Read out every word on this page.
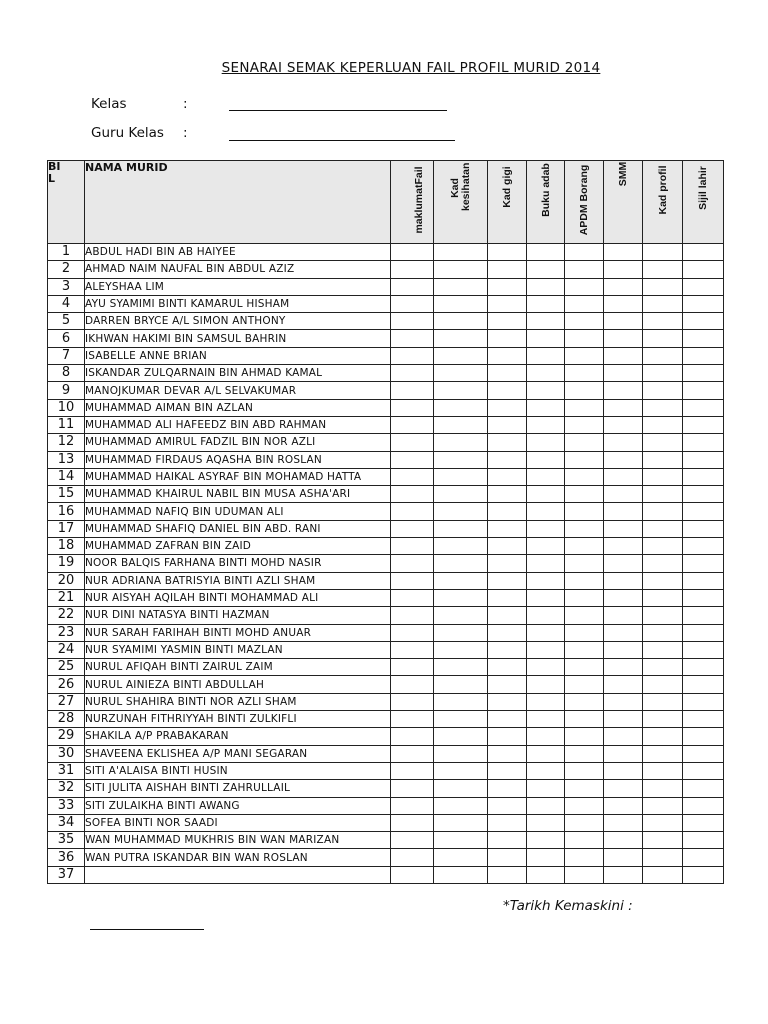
SENARAI SEMAK KEPERLUAN FAIL PROFIL MURID 2014
Kelas	:
Guru Kelas :
BI
L	NAMA MURID	maklumatFail	Kad kesihatan	Kad gigi	Buku adab	APDM Borang	SMM	Kad profil	Sijil lahir

1	ABDUL HADI BIN AB HAIYEE								
2	AHMAD NAIM NAUFAL BIN ABDUL AZIZ								
3	ALEYSHAA LIM								
4	AYU SYAMIMI BINTI KAMARUL HISHAM								
5	DARREN BRYCE A/L SIMON ANTHONY								
6	IKHWAN HAKIMI BIN SAMSUL BAHRIN								
7	ISABELLE ANNE BRIAN								
8	ISKANDAR ZULQARNAIN BIN AHMAD KAMAL								
9	MANOJKUMAR DEVAR A/L SELVAKUMAR								
10	MUHAMMAD AIMAN BIN AZLAN								
11	MUHAMMAD ALI HAFEEDZ BIN ABD RAHMAN								
12	MUHAMMAD AMIRUL FADZIL BIN NOR AZLI								
13	MUHAMMAD FIRDAUS AQASHA BIN ROSLAN								
14	MUHAMMAD HAIKAL ASYRAF BIN MOHAMAD HATTA								
15	MUHAMMAD KHAIRUL NABIL BIN MUSA ASHA'ARI								
16	MUHAMMAD NAFIQ BIN UDUMAN ALI								
17	MUHAMMAD SHAFIQ DANIEL BIN ABD. RANI								
18	MUHAMMAD ZAFRAN BIN ZAID								
19	NOOR BALQIS FARHANA BINTI MOHD NASIR								
20	NUR ADRIANA BATRISYIA BINTI AZLI SHAM								
21	NUR AISYAH AQILAH BINTI MOHAMMAD ALI								
22	NUR DINI NATASYA BINTI HAZMAN								
23	NUR SARAH FARIHAH BINTI MOHD ANUAR								
24	NUR SYAMIMI YASMIN BINTI MAZLAN								
25	NURUL AFIQAH BINTI ZAIRUL ZAIM								
26	NURUL AINIEZA BINTI ABDULLAH								
27	NURUL SHAHIRA BINTI NOR AZLI SHAM								
28	NURZUNAH FITHRIYYAH BINTI ZULKIFLI								
29	SHAKILA A/P PRABAKARAN								
30	SHAVEENA EKLISHEA A/P MANI SEGARAN								
31	SITI A'ALAISA BINTI HUSIN								
32	SITI JULITA AISHAH BINTI ZAHRULLAIL								
33	SITI ZULAIKHA BINTI AWANG								
34	SOFEA BINTI NOR SAADI								
35	WAN MUHAMMAD MUKHRIS BIN WAN MARIZAN								
36	WAN PUTRA ISKANDAR BIN WAN ROSLAN								
37									
*Tarikh Kemaskini :
